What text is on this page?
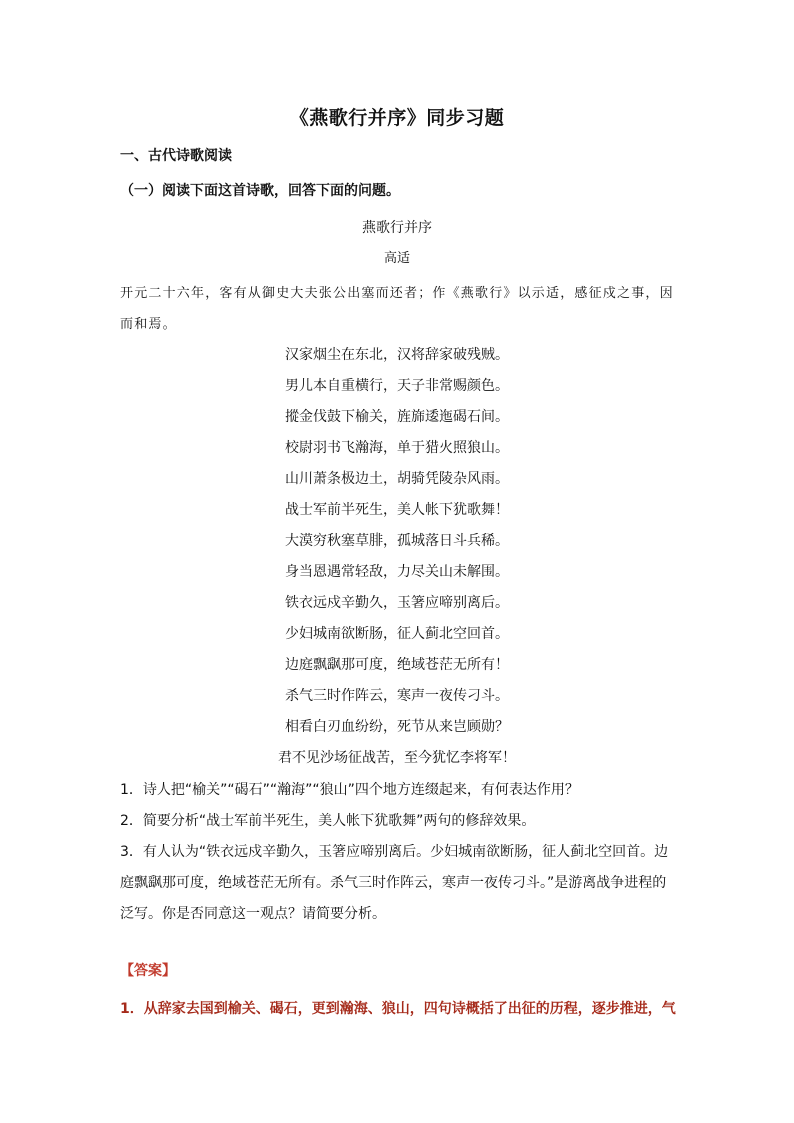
《燕歌行并序》同步习题
一、古代诗歌阅读
（一）阅读下面这首诗歌，回答下面的问题。
燕歌行并序
高适
开元二十六年，客有从御史大夫张公出塞而还者；作《燕歌行》以示适，感征戍之事，因而和焉。
汉家烟尘在东北，汉将辞家破残贼。
男儿本自重横行，天子非常赐颜色。
摐金伐鼓下榆关，旌旆逶迤碣石间。
校尉羽书飞瀚海，单于猎火照狼山。
山川萧条极边土，胡骑凭陵杂风雨。
战士军前半死生，美人帐下犹歌舞！
大漠穷秋塞草腓，孤城落日斗兵稀。
身当恩遇常轻敌，力尽关山未解围。
铁衣远戍辛勤久，玉箸应啼别离后。
少妇城南欲断肠，征人蓟北空回首。
边庭飘飖那可度，绝域苍茫无所有！
杀气三时作阵云，寒声一夜传刁斗。
相看白刃血纷纷，死节从来岂顾勋？
君不见沙场征战苦，至今犹忆李将军！
1．诗人把“榆关”“碣石”“瀚海”“狼山”四个地方连缀起来，有何表达作用？
2．简要分析“战士军前半死生，美人帐下犹歌舞”两句的修辞效果。
3．有人认为“铁衣远戍辛勤久，玉箸应啼别离后。少妇城南欲断肠，征人蓟北空回首。边庭飘飖那可度，绝域苍茫无所有。杀气三时作阵云，寒声一夜传刁斗。”是游离战争进程的泛写。你是否同意这一观点？请简要分析。
【答案】
1．从辞家去国到榆关、碣石，更到瀚海、狼山，四句诗概括了出征的历程，逐步推进，气
